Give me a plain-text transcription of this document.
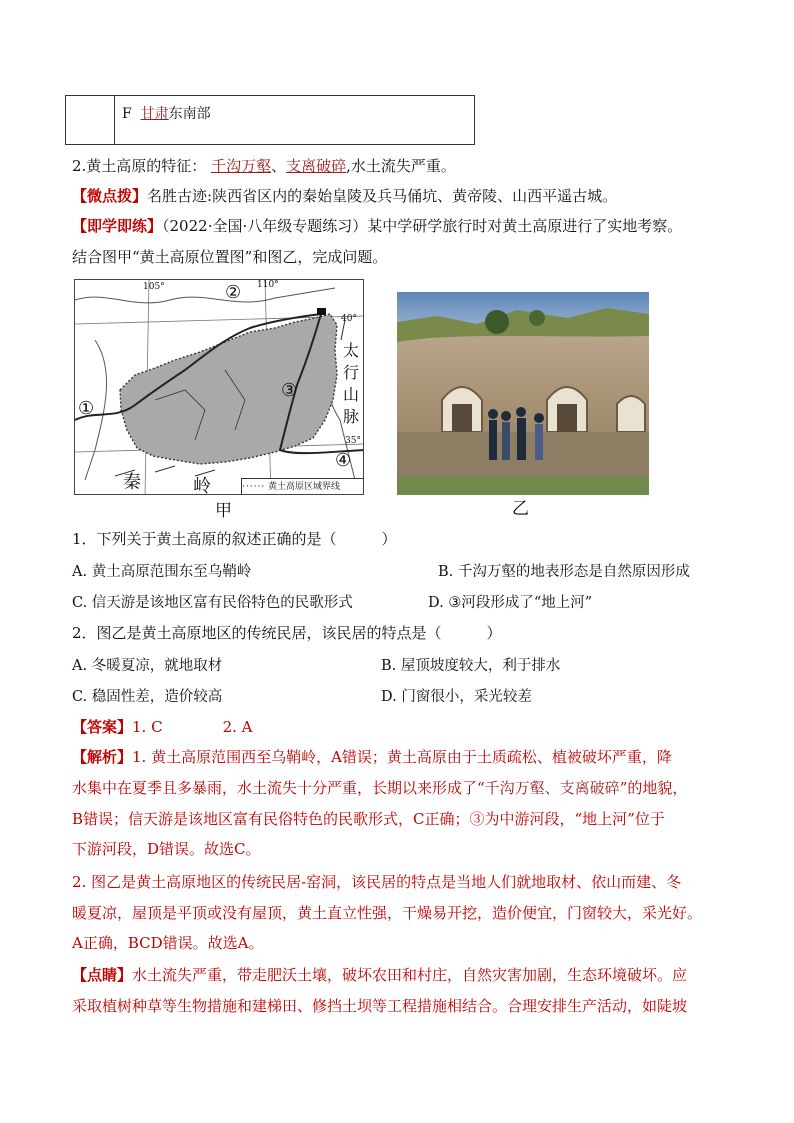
F 甘肃东南部
2.黄土高原的特征： 千沟万壑、支离破碎,水土流失严重。
【微点拨】名胜古迹:陕西省区内的秦始皇陵及兵马俑坑、黄帝陵、山西平遥古城。
【即学即练】（2022·全国·八年级专题练习）某中学研学旅行时对黄土高原进行了实地考察。
结合图甲“黄土高原位置图”和图乙，完成问题。
105°	110°
40°
35°
①
②
③
④
太
行
山
脉
秦	岭	······ 黄土高原区域界线
甲	乙
1．下列关于黄土高原的叙述正确的是（　　　）
A. 黄土高原范围东至乌鞘岭	B. 千沟万壑的地表形态是自然原因形成
C. 信天游是该地区富有民俗特色的民歌形式	D. ③河段形成了“地上河”
2．图乙是黄土高原地区的传统民居，该民居的特点是（　　　）
A. 冬暖夏凉，就地取材	B. 屋顶坡度较大，利于排水
C. 稳固性差，造价较高	D. 门窗很小，采光较差
【答案】1. C　　　　2. A
【解析】1. 黄土高原范围西至乌鞘岭，A错误；黄土高原由于土质疏松、植被破坏严重，降
水集中在夏季且多暴雨，水土流失十分严重，长期以来形成了“千沟万壑、支离破碎”的地貌，
B错误；信天游是该地区富有民俗特色的民歌形式，C正确；③为中游河段，“地上河”位于
下游河段，D错误。故选C。
2. 图乙是黄土高原地区的传统民居-窑洞，该民居的特点是当地人们就地取材、依山而建、冬
暖夏凉，屋顶是平顶或没有屋顶，黄土直立性强，干燥易开挖，造价便宜，门窗较大，采光好。
A正确，BCD错误。故选A。
【点睛】水土流失严重，带走肥沃土壤，破坏农田和村庄，自然灾害加剧，生态环境破坏。应
采取植树种草等生物措施和建梯田、修挡土坝等工程措施相结合。合理安排生产活动，如陡坡
